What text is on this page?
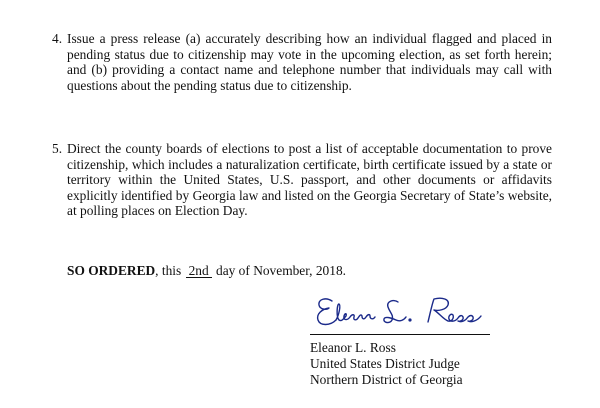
4. Issue a press release (a) accurately describing how an individual flagged and placed in pending status due to citizenship may vote in the upcoming election, as set forth herein; and (b) providing a contact name and telephone number that individuals may call with questions about the pending status due to citizenship.
5. Direct the county boards of elections to post a list of acceptable documentation to prove citizenship, which includes a naturalization certificate, birth certificate issued by a state or territory within the United States, U.S. passport, and other documents or affidavits explicitly identified by Georgia law and listed on the Georgia Secretary of State’s website, at polling places on Election Day.
SO ORDERED, this 2nd day of November, 2018.
Eleanor L. Ross
United States District Judge
Northern District of Georgia
